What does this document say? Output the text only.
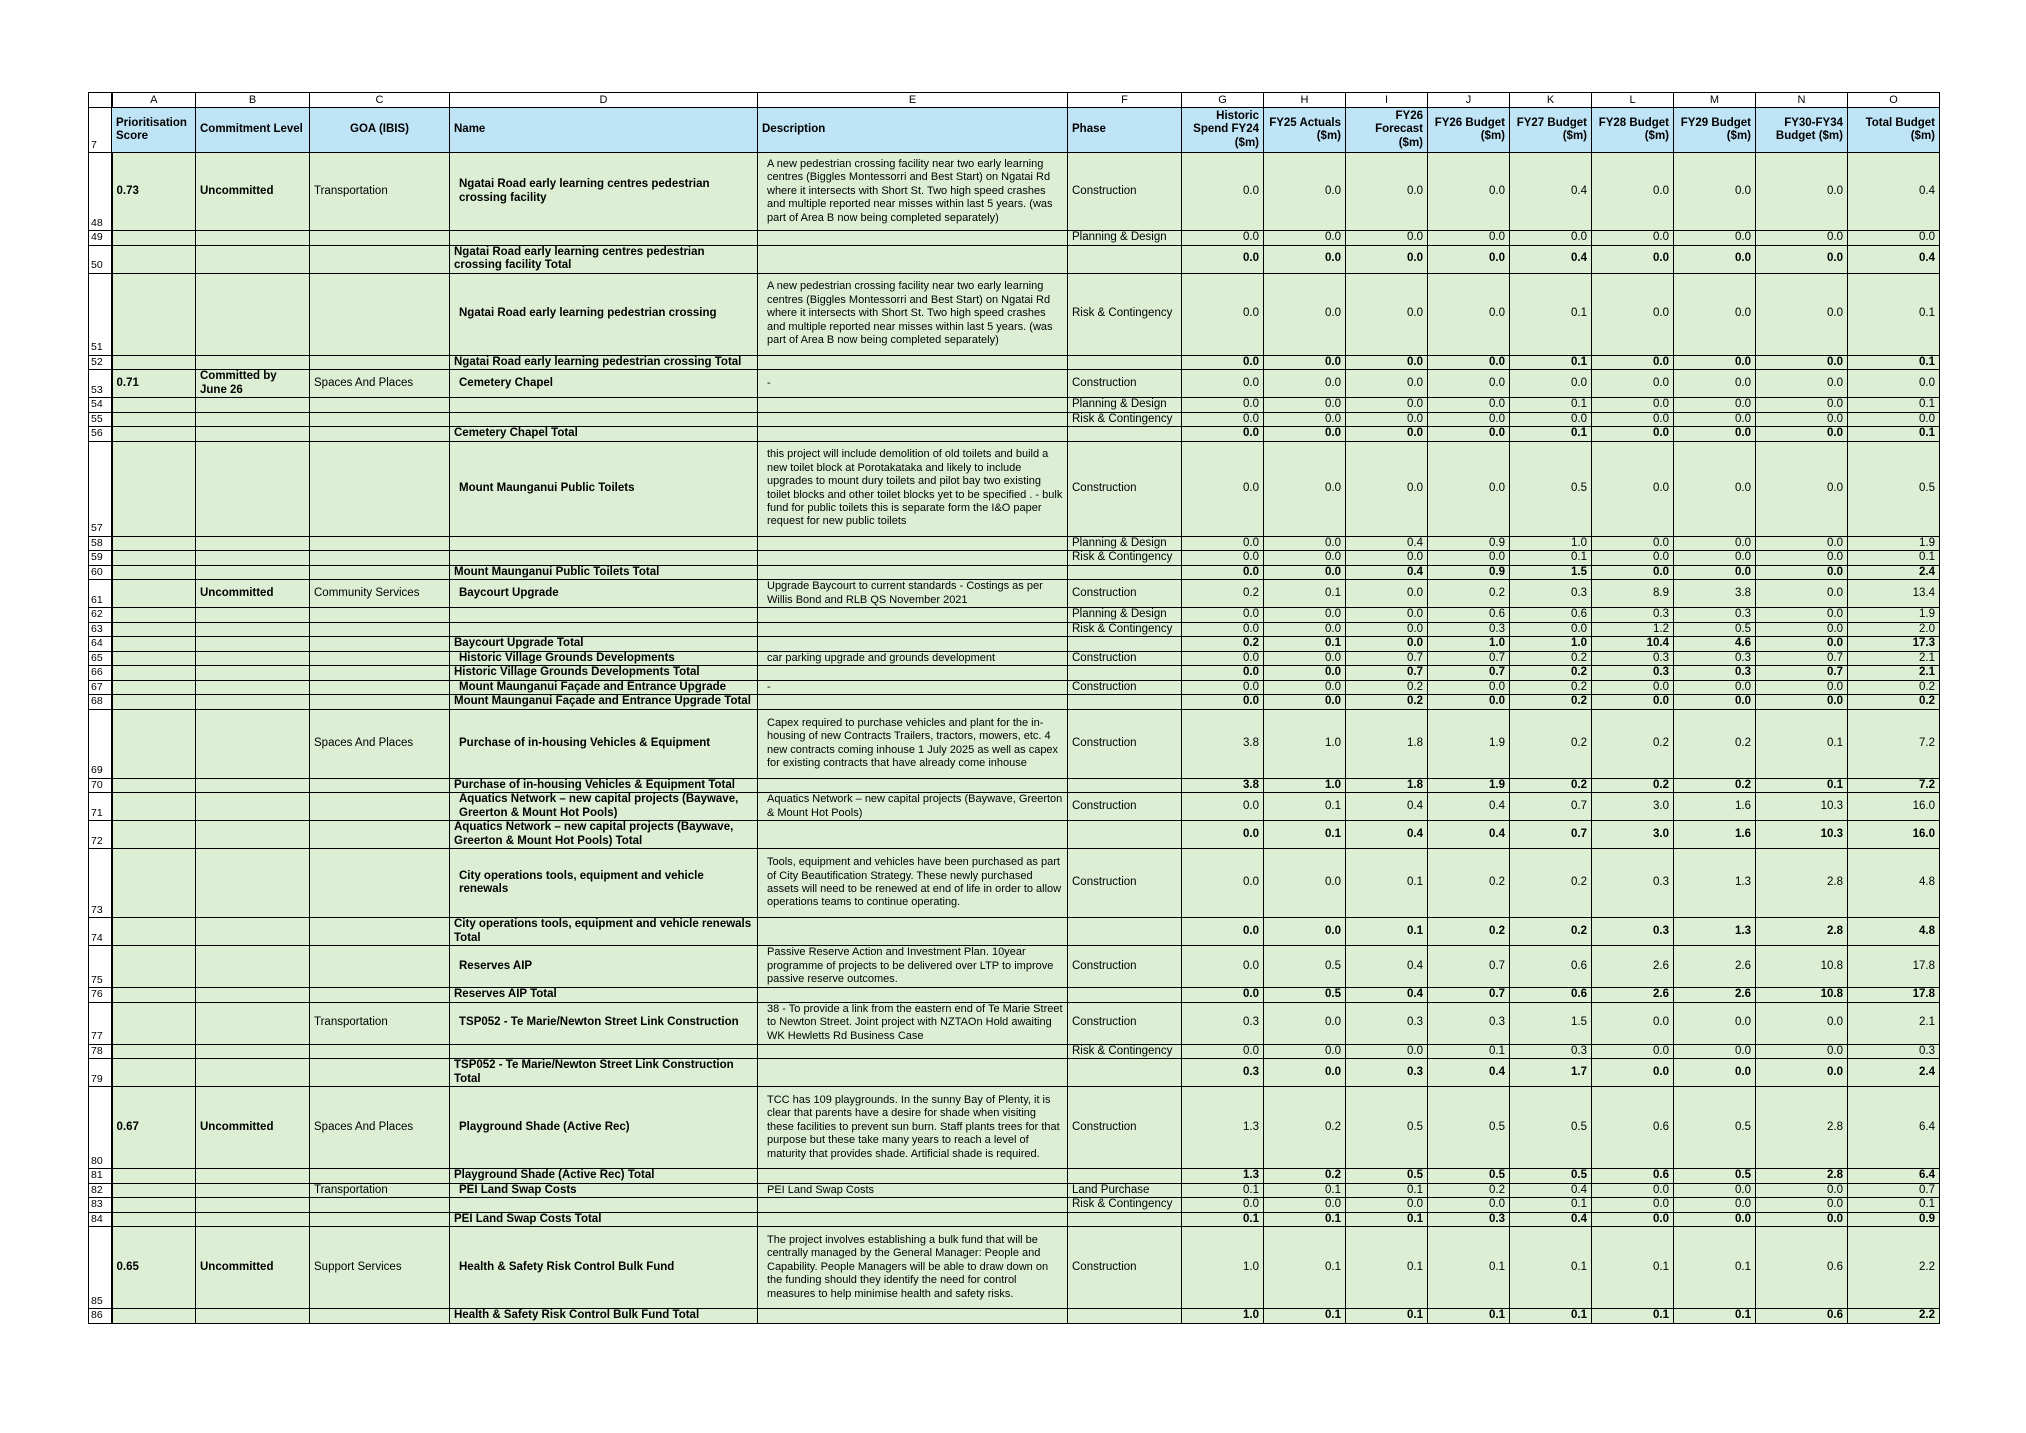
	A	B	C	D	E	F	G	H	I	J	K	L	M	N	O
7	Prioritisation Score	Commitment Level	GOA (IBIS)	Name	Description	Phase	Historic Spend FY24 ($m)	FY25 Actuals ($m)	FY26 Forecast ($m)	FY26 Budget ($m)	FY27 Budget ($m)	FY28 Budget ($m)	FY29 Budget ($m)	FY30-FY34 Budget ($m)	Total Budget ($m)
48	0.73	Uncommitted	Transportation	Ngatai Road early learning centres pedestrian crossing facility	A new pedestrian crossing facility near two early learning centres (Biggles Montessorri and Best Start) on Ngatai Rd where it intersects with Short St. Two high speed crashes and multiple reported near misses within last 5 years. (was part of Area B now being completed separately)	Construction	0.0	0.0	0.0	0.0	0.4	0.0	0.0	0.0	0.4
49						Planning & Design	0.0	0.0	0.0	0.0	0.0	0.0	0.0	0.0	0.0
50				Ngatai Road early learning centres pedestrian crossing facility Total			0.0	0.0	0.0	0.0	0.4	0.0	0.0	0.0	0.4
51				Ngatai Road early learning pedestrian crossing	A new pedestrian crossing facility near two early learning centres (Biggles Montessorri and Best Start) on Ngatai Rd where it intersects with Short St. Two high speed crashes and multiple reported near misses within last 5 years. (was part of Area B now being completed separately)	Risk & Contingency	0.0	0.0	0.0	0.0	0.1	0.0	0.0	0.0	0.1
52				Ngatai Road early learning pedestrian crossing Total			0.0	0.0	0.0	0.0	0.1	0.0	0.0	0.0	0.1
53	0.71	Committed by June 26	Spaces And Places	Cemetery Chapel	-	Construction	0.0	0.0	0.0	0.0	0.0	0.0	0.0	0.0	0.0
54						Planning & Design	0.0	0.0	0.0	0.0	0.1	0.0	0.0	0.0	0.1
55						Risk & Contingency	0.0	0.0	0.0	0.0	0.0	0.0	0.0	0.0	0.0
56				Cemetery Chapel Total			0.0	0.0	0.0	0.0	0.1	0.0	0.0	0.0	0.1
57				Mount Maunganui Public Toilets	this project will include demolition of old toilets and build a new toilet block at Porotakataka and likely to include upgrades to mount dury toilets and pilot bay two existing toilet blocks and other toilet blocks yet to be specified . - bulk fund for public toilets this is separate form the I&O paper request for new public toilets	Construction	0.0	0.0	0.0	0.0	0.5	0.0	0.0	0.0	0.5
58						Planning & Design	0.0	0.0	0.4	0.9	1.0	0.0	0.0	0.0	1.9
59						Risk & Contingency	0.0	0.0	0.0	0.0	0.1	0.0	0.0	0.0	0.1
60				Mount Maunganui Public Toilets Total			0.0	0.0	0.4	0.9	1.5	0.0	0.0	0.0	2.4
61		Uncommitted	Community Services	Baycourt Upgrade	Upgrade Baycourt to current standards - Costings as per Willis Bond and RLB QS November 2021	Construction	0.2	0.1	0.0	0.2	0.3	8.9	3.8	0.0	13.4
62						Planning & Design	0.0	0.0	0.0	0.6	0.6	0.3	0.3	0.0	1.9
63						Risk & Contingency	0.0	0.0	0.0	0.3	0.0	1.2	0.5	0.0	2.0
64				Baycourt Upgrade Total			0.2	0.1	0.0	1.0	1.0	10.4	4.6	0.0	17.3
65				Historic Village Grounds Developments	car parking upgrade and grounds development	Construction	0.0	0.0	0.7	0.7	0.2	0.3	0.3	0.7	2.1
66				Historic Village Grounds Developments Total			0.0	0.0	0.7	0.7	0.2	0.3	0.3	0.7	2.1
67				Mount Maunganui Façade and Entrance Upgrade	-	Construction	0.0	0.0	0.2	0.0	0.2	0.0	0.0	0.0	0.2
68				Mount Maunganui Façade and Entrance Upgrade Total			0.0	0.0	0.2	0.0	0.2	0.0	0.0	0.0	0.2
69			Spaces And Places	Purchase of in-housing Vehicles & Equipment	Capex required to purchase vehicles and plant for the in-housing of new Contracts Trailers, tractors, mowers, etc. 4 new contracts coming inhouse 1 July 2025 as well as capex for existing contracts that have already come inhouse	Construction	3.8	1.0	1.8	1.9	0.2	0.2	0.2	0.1	7.2
70				Purchase of in-housing Vehicles & Equipment Total			3.8	1.0	1.8	1.9	0.2	0.2	0.2	0.1	7.2
71				Aquatics Network – new capital projects (Baywave, Greerton & Mount Hot Pools)	Aquatics Network – new capital projects (Baywave, Greerton & Mount Hot Pools)	Construction	0.0	0.1	0.4	0.4	0.7	3.0	1.6	10.3	16.0
72				Aquatics Network – new capital projects (Baywave, Greerton & Mount Hot Pools) Total			0.0	0.1	0.4	0.4	0.7	3.0	1.6	10.3	16.0
73				City operations tools, equipment and vehicle renewals	Tools, equipment and vehicles have been purchased as part of City Beautification Strategy. These newly purchased assets will need to be renewed at end of life in order to allow operations teams to continue operating.	Construction	0.0	0.0	0.1	0.2	0.2	0.3	1.3	2.8	4.8
74				City operations tools, equipment and vehicle renewals Total			0.0	0.0	0.1	0.2	0.2	0.3	1.3	2.8	4.8
75				Reserves AIP	Passive Reserve Action and Investment Plan. 10year programme of projects to be delivered over LTP to improve passive reserve outcomes.	Construction	0.0	0.5	0.4	0.7	0.6	2.6	2.6	10.8	17.8
76				Reserves AIP Total			0.0	0.5	0.4	0.7	0.6	2.6	2.6	10.8	17.8
77			Transportation	TSP052 - Te Marie/Newton Street Link Construction	38 - To provide a link from the eastern end of Te Marie Street to Newton Street. Joint project with NZTAOn Hold awaiting WK Hewletts Rd Business Case	Construction	0.3	0.0	0.3	0.3	1.5	0.0	0.0	0.0	2.1
78						Risk & Contingency	0.0	0.0	0.0	0.1	0.3	0.0	0.0	0.0	0.3
79				TSP052 - Te Marie/Newton Street Link Construction Total			0.3	0.0	0.3	0.4	1.7	0.0	0.0	0.0	2.4
80	0.67	Uncommitted	Spaces And Places	Playground Shade (Active Rec)	TCC has 109 playgrounds. In the sunny Bay of Plenty, it is clear that parents have a desire for shade when visiting these facilities to prevent sun burn. Staff plants trees for that purpose but these take many years to reach a level of maturity that provides shade. Artificial shade is required.	Construction	1.3	0.2	0.5	0.5	0.5	0.6	0.5	2.8	6.4
81				Playground Shade (Active Rec) Total			1.3	0.2	0.5	0.5	0.5	0.6	0.5	2.8	6.4
82			Transportation	PEI Land Swap Costs	PEI Land Swap Costs	Land Purchase	0.1	0.1	0.1	0.2	0.4	0.0	0.0	0.0	0.7
83						Risk & Contingency	0.0	0.0	0.0	0.0	0.1	0.0	0.0	0.0	0.1
84				PEI Land Swap Costs Total			0.1	0.1	0.1	0.3	0.4	0.0	0.0	0.0	0.9
85	0.65	Uncommitted	Support Services	Health & Safety Risk Control Bulk Fund	The project involves establishing a bulk fund that will be centrally managed by the General Manager: People and Capability. People Managers will be able to draw down on the funding should they identify the need for control measures to help minimise health and safety risks.	Construction	1.0	0.1	0.1	0.1	0.1	0.1	0.1	0.6	2.2
86				Health & Safety Risk Control Bulk Fund Total			1.0	0.1	0.1	0.1	0.1	0.1	0.1	0.6	2.2
